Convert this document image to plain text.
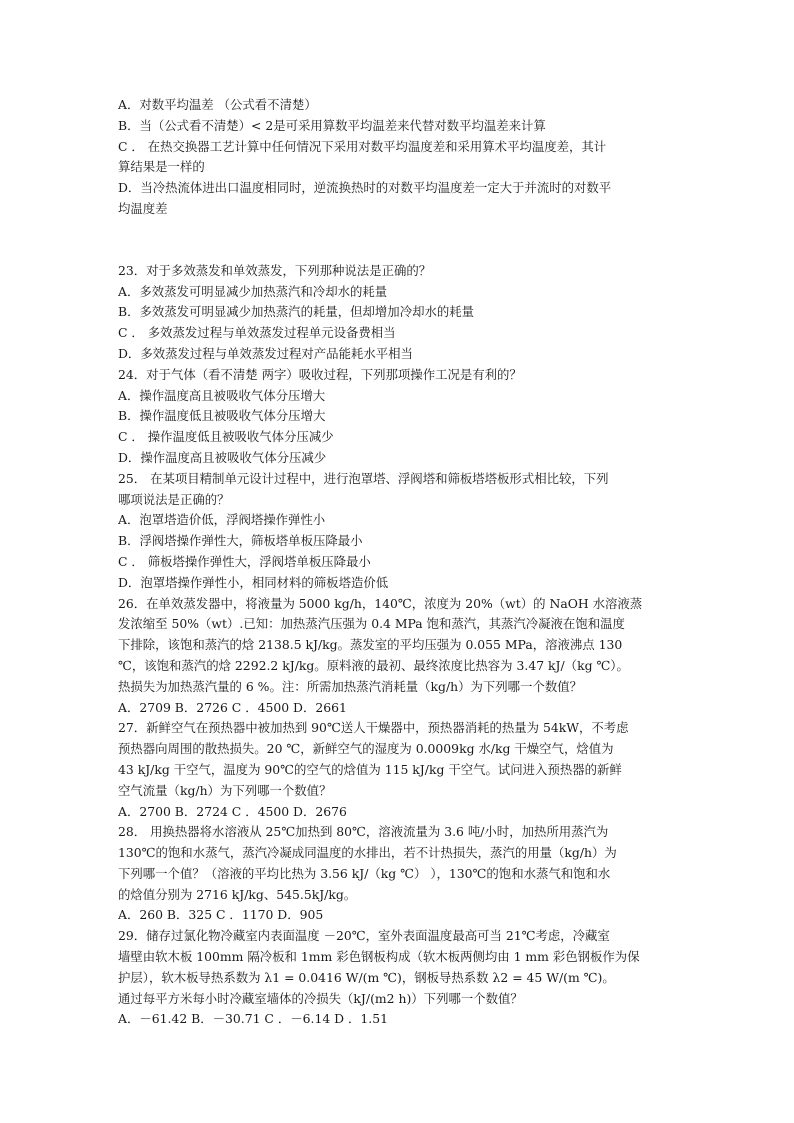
A．对数平均温差 （公式看不清楚）
B．当（公式看不清楚）< 2是可采用算数平均温差来代替对数平均温差来计算
C ． 在热交换器工艺计算中任何情况下采用对数平均温度差和采用算术平均温度差，其计
算结果是一样的
D．当冷热流体进出口温度相同时，逆流换热时的对数平均温度差一定大于并流时的对数平
均温度差
23．对于多效蒸发和单效蒸发，下列那种说法是正确的？
A．多效蒸发可明显减少加热蒸汽和冷却水的耗量
B．多效蒸发可明显减少加热蒸汽的耗量，但却增加冷却水的耗量
C ． 多效蒸发过程与单效蒸发过程单元设备费相当
D．多效蒸发过程与单效蒸发过程对产品能耗水平相当
24．对于气体（看不清楚 两字）吸收过程，下列那项操作工况是有利的？
A．操作温度高且被吸收气体分压增大
B．操作温度低且被吸收气体分压增大
C ． 操作温度低且被吸收气体分压减少
D．操作温度高且被吸收气体分压减少
25． 在某项目精制单元设计过程中，进行泡罩塔、浮阀塔和筛板塔塔板形式相比较，下列
哪项说法是正确的？
A．泡罩塔造价低，浮阀塔操作弹性小
B．浮阀塔操作弹性大，筛板塔单板压降最小
C ． 筛板塔操作弹性大，浮阀塔单板压降最小
D．泡罩塔操作弹性小，相同材料的筛板塔造价低
26．在单效蒸发器中，将液量为 5000 kg/h，140℃，浓度为 20%（wt）的 NaOH 水溶液蒸
发浓缩至 50%（wt）.已知：加热蒸汽压强为 0.4 MPa 饱和蒸汽，其蒸汽冷凝液在饱和温度
下排除，该饱和蒸汽的焓 2138.5 kJ/kg。蒸发室的平均压强为 0.055 MPa，溶液沸点 130
℃，该饱和蒸汽的焓 2292.2 kJ/kg。原料液的最初、最终浓度比热容为 3.47 kJ/（kg ℃）。
热损失为加热蒸汽量的 6 %。注：所需加热蒸汽消耗量（kg/h）为下列哪一个数值？
A．2709 B．2726 C ．4500 D．2661
27．新鲜空气在预热器中被加热到 90℃送人干燥器中，预热器消耗的热量为 54kW，不考虑
预热器向周围的散热损失。20 ℃，新鲜空气的湿度为 0.0009kg 水/kg 干燥空气，焓值为
43 kJ/kg 干空气，温度为 90℃的空气的焓值为 115 kJ/kg 干空气。试问进入预热器的新鲜
空气流量（kg/h）为下列哪一个数值？
A．2700 B．2724 C ．4500 D．2676
28． 用换热器将水溶液从 25℃加热到 80℃，溶液流量为 3.6 吨/小时，加热所用蒸汽为
130℃的饱和水蒸气，蒸汽冷凝成同温度的水排出，若不计热损失，蒸汽的用量（kg/h）为
下列哪一个值？（溶液的平均比热为 3.56 kJ/（kg ℃） ），130℃的饱和水蒸气和饱和水
的焓值分别为 2716 kJ/kg、545.5kJ/kg。
A．260 B．325 C ．1170 D．905
29．储存过氯化物冷藏室内表面温度 －20℃，室外表面温度最高可当 21℃考虑，冷藏室
墙壁由软木板 100mm 隔冷板和 1mm 彩色钢板构成（软木板两侧均由 1 mm 彩色钢板作为保
护层），软木板导热系数为 λ1 = 0.0416 W/(m ℃)，钢板导热系数 λ2 = 45 W/(m ℃)。
通过每平方米每小时冷藏室墙体的冷损失（kJ/(m2 h)）下列哪一个数值？
A．－61.42 B．－30.71 C ．－6.14 D ．1.51
